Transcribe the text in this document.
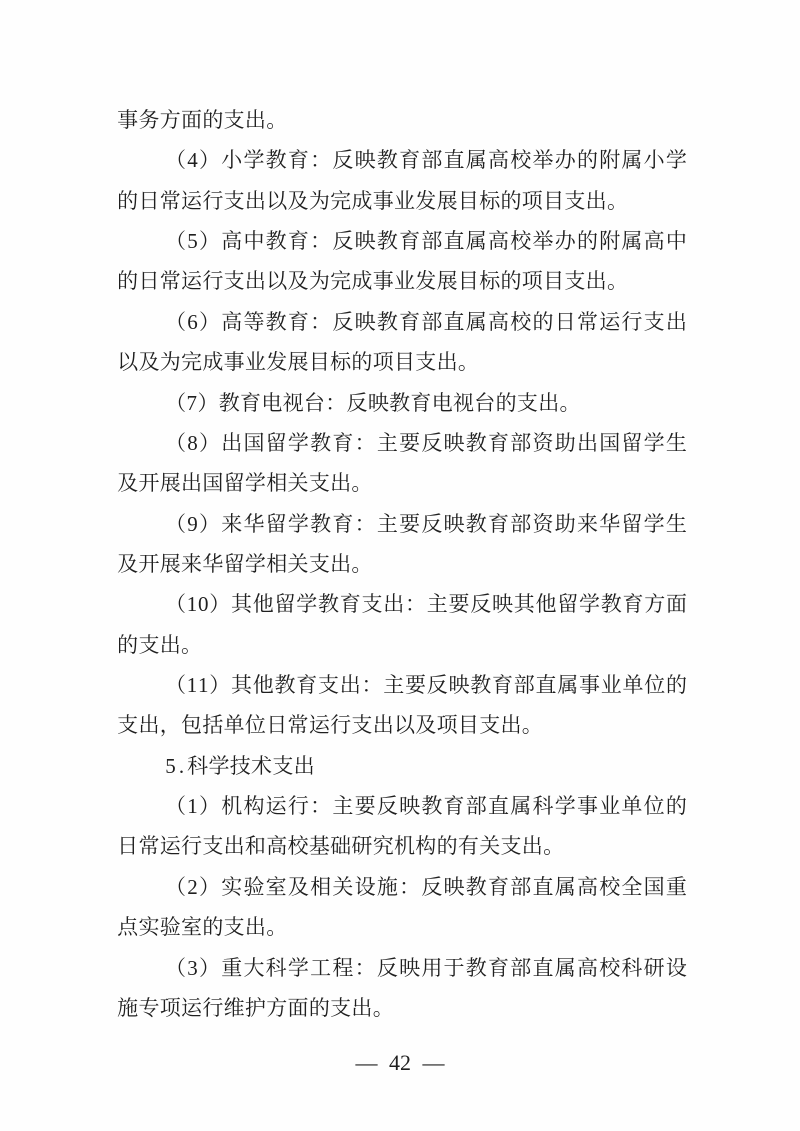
事 务 方 面 的 支 出 。
（ 4 ） 小 学 教 育 ： 反 映 教 育 部 直 属 高 校 举 办 的 附 属 小 学
的 日 常 运 行 支 出 以 及 为 完 成 事 业 发 展 目 标 的 项 目 支 出 。
（ 5 ） 高 中 教 育 ： 反 映 教 育 部 直 属 高 校 举 办 的 附 属 高 中
的 日 常 运 行 支 出 以 及 为 完 成 事 业 发 展 目 标 的 项 目 支 出 。
（ 6 ） 高 等 教 育 ： 反 映 教 育 部 直 属 高 校 的 日 常 运 行 支 出
以 及 为 完 成 事 业 发 展 目 标 的 项 目 支 出 。
（ 7 ） 教 育 电 视 台 ： 反 映 教 育 电 视 台 的 支 出 。
（ 8 ） 出 国 留 学 教 育 ： 主 要 反 映 教 育 部 资 助 出 国 留 学 生
及 开 展 出 国 留 学 相 关 支 出 。
（ 9 ） 来 华 留 学 教 育 ： 主 要 反 映 教 育 部 资 助 来 华 留 学 生
及 开 展 来 华 留 学 相 关 支 出 。
（ 1 0 ） 其 他 留 学 教 育 支 出 ： 主 要 反 映 其 他 留 学 教 育 方 面
的 支 出 。
（ 1 1 ） 其 他 教 育 支 出 ： 主 要 反 映 教 育 部 直 属 事 业 单 位 的
支 出 ， 包 括 单 位 日 常 运 行 支 出 以 及 项 目 支 出 。
5 . 科 学 技 术 支 出
（ 1 ） 机 构 运 行 ： 主 要 反 映 教 育 部 直 属 科 学 事 业 单 位 的
日 常 运 行 支 出 和 高 校 基 础 研 究 机 构 的 有 关 支 出 。
（ 2 ） 实 验 室 及 相 关 设 施 ： 反 映 教 育 部 直 属 高 校 全 国 重
点 实 验 室 的 支 出 。
（ 3 ） 重 大 科 学 工 程 ： 反 映 用 于 教 育 部 直 属 高 校 科 研 设
施 专 项 运 行 维 护 方 面 的 支 出 。
— 42 —
